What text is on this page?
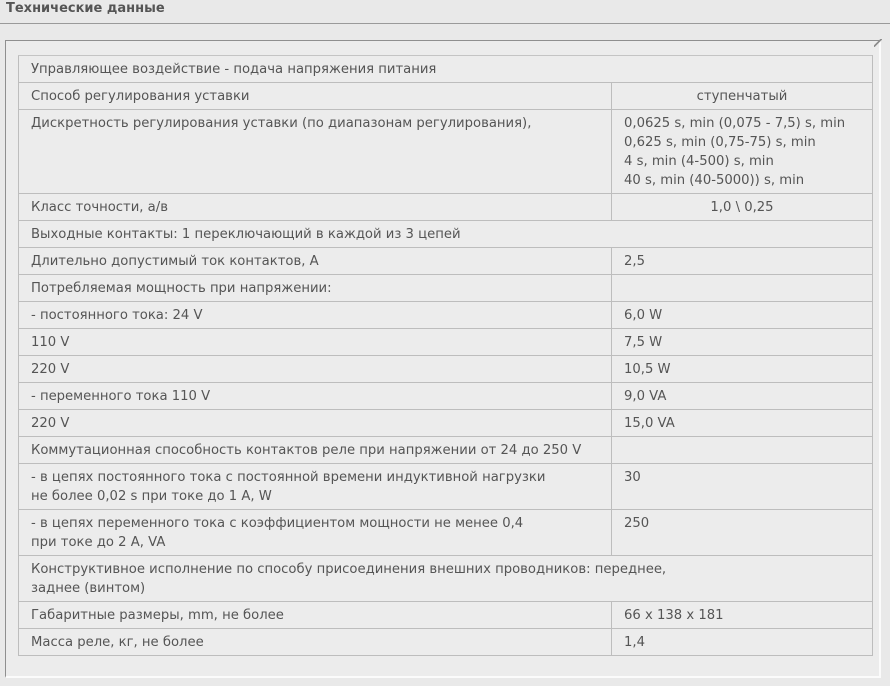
Технические данные
Управляющее воздействие - подача напряжения питания	
Способ регулирования уставки	ступенчатый
Дискретность регулирования уставки (по диапазонам регулирования),	0,0625 s, min (0,075 - 7,5) s, min
0,625 s, min (0,75-75) s, min
4 s, min (4-500) s, min
40 s, min (40-5000)) s, min

Класс точности, а/в	1,0 \ 0,25
Выходные контакты: 1 переключающий в каждой из 3 цепей	
Длительно допустимый ток контактов, А	2,5
Потребляемая мощность при напряжении:	
- постоянного тока: 24 V	6,0 W
110 V	7,5 W
220 V	10,5 W
- переменного тока 110 V	9,0 VA
220 V	15,0 VA
Коммутационная способность контактов реле при напряжении от 24 до 250 V	

- в цепях постоянного тока с постоянной времени индуктивной нагрузки
не более 0,02 s при токе до 1 А, W	30

- в цепях переменного тока с коэффициентом мощности не менее 0,4
при токе до 2 А, VA	250

Конструктивное исполнение по способу присоединения внешних проводников: переднее,
заднее (винтом)	

Габаритные размеры, mm, не более	66 x 138 x 181
Масса реле, кг, не более	1,4
